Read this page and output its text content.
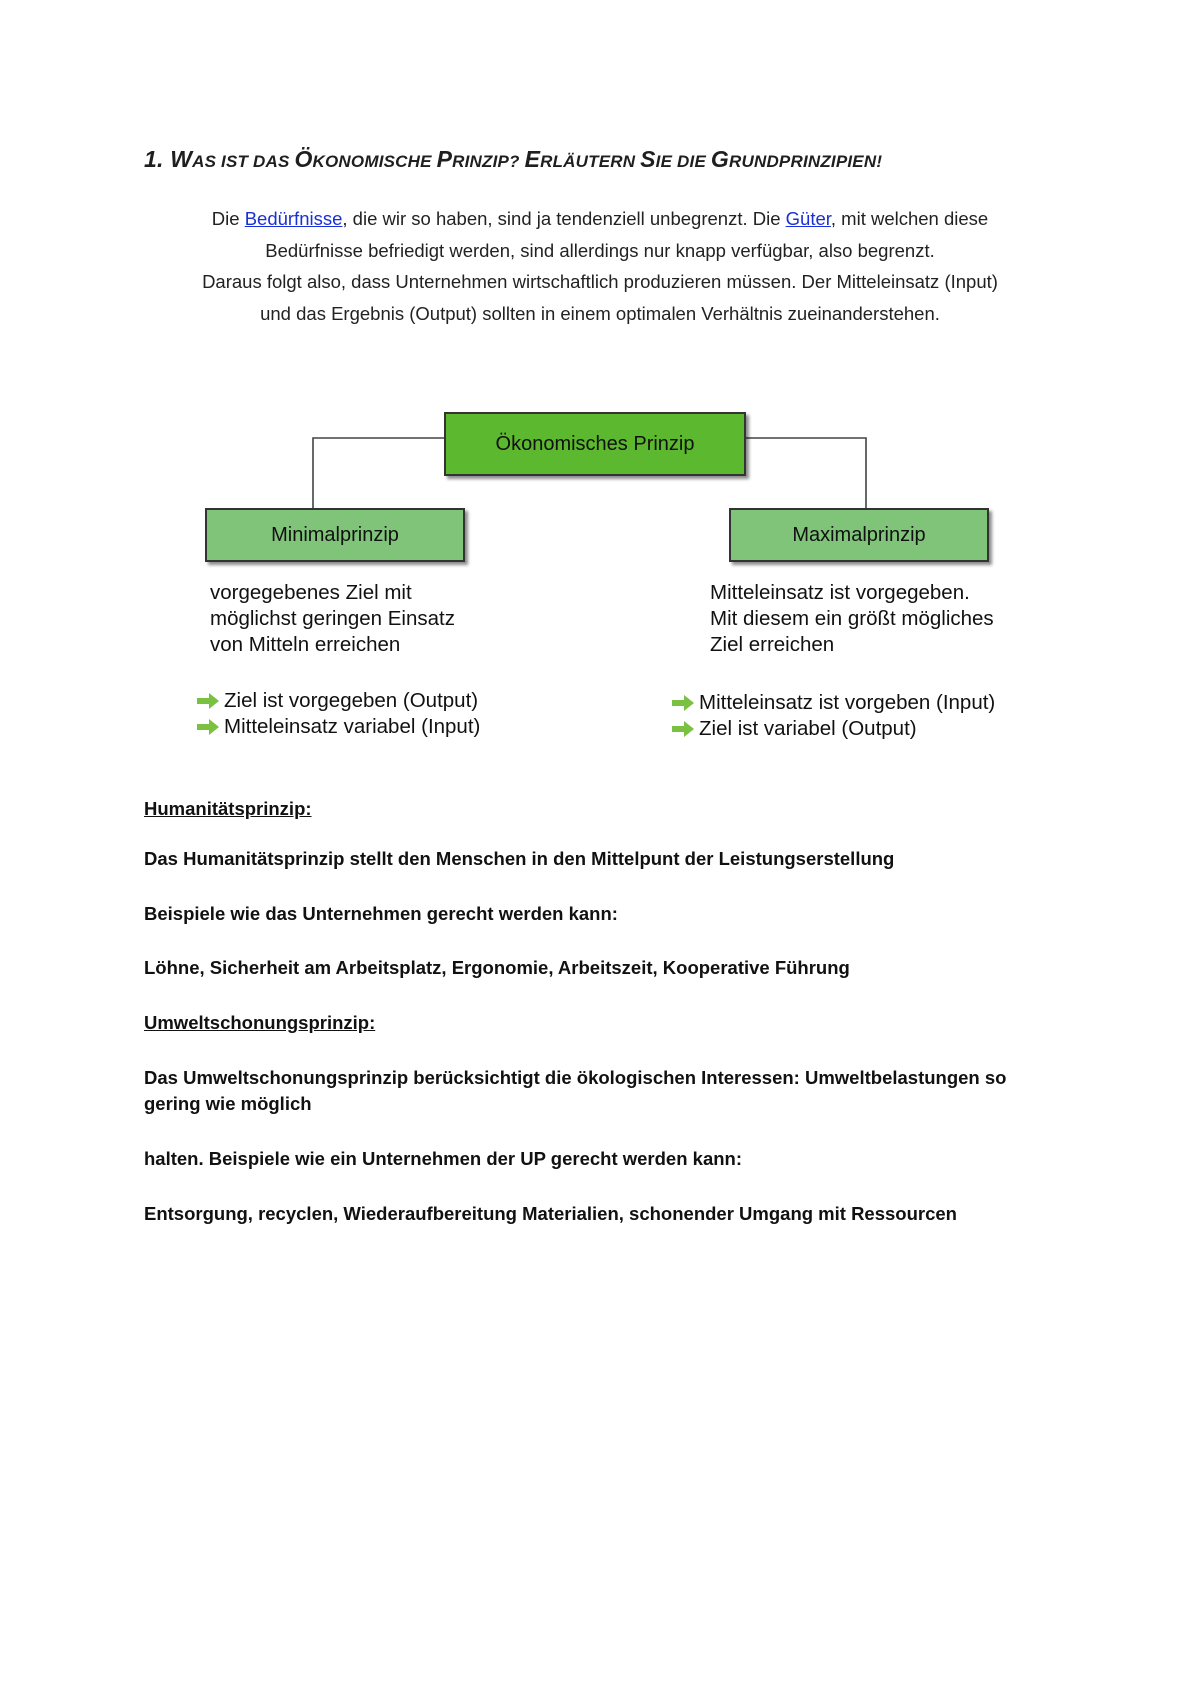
1. WAS IST DAS ÖKONOMISCHE PRINZIP? ERLÄUTERN SIE DIE GRUNDPRINZIPIEN!

Die Bedürfnisse, die wir so haben, sind ja tendenziell unbegrenzt. Die Güter, mit welchen diese

Bedürfnisse befriedigt werden, sind allerdings nur knapp verfügbar, also begrenzt.

Daraus folgt also, dass Unternehmen wirtschaftlich produzieren müssen. Der Mitteleinsatz (Input)

und das Ergebnis (Output) sollten in einem optimalen Verhältnis zueinanderstehen.

Ökonomisches Prinzip
Minimalprinzip	Maximalprinzip
vorgegebenes Ziel mit
möglichst geringen Einsatz
von Mitteln erreichen
Mitteleinsatz ist vorgegeben.
Mit diesem ein größt mögliches
Ziel erreichen
Ziel ist vorgegeben (Output)
Mitteleinsatz variabel (Input)
Mitteleinsatz ist vorgeben (Input)
Ziel ist variabel (Output)

Humanitätsprinzip:

Das Humanitätsprinzip stellt den Menschen in den Mittelpunt der Leistungserstellung

Beispiele wie das Unternehmen gerecht werden kann:

Löhne, Sicherheit am Arbeitsplatz, Ergonomie, Arbeitszeit, Kooperative Führung

Umweltschonungsprinzip:

Das Umweltschonungsprinzip berücksichtigt die ökologischen Interessen: Umweltbelastungen so gering wie möglich

halten. Beispiele wie ein Unternehmen der UP gerecht werden kann:

Entsorgung, recyclen, Wiederaufbereitung Materialien, schonender Umgang mit Ressourcen
